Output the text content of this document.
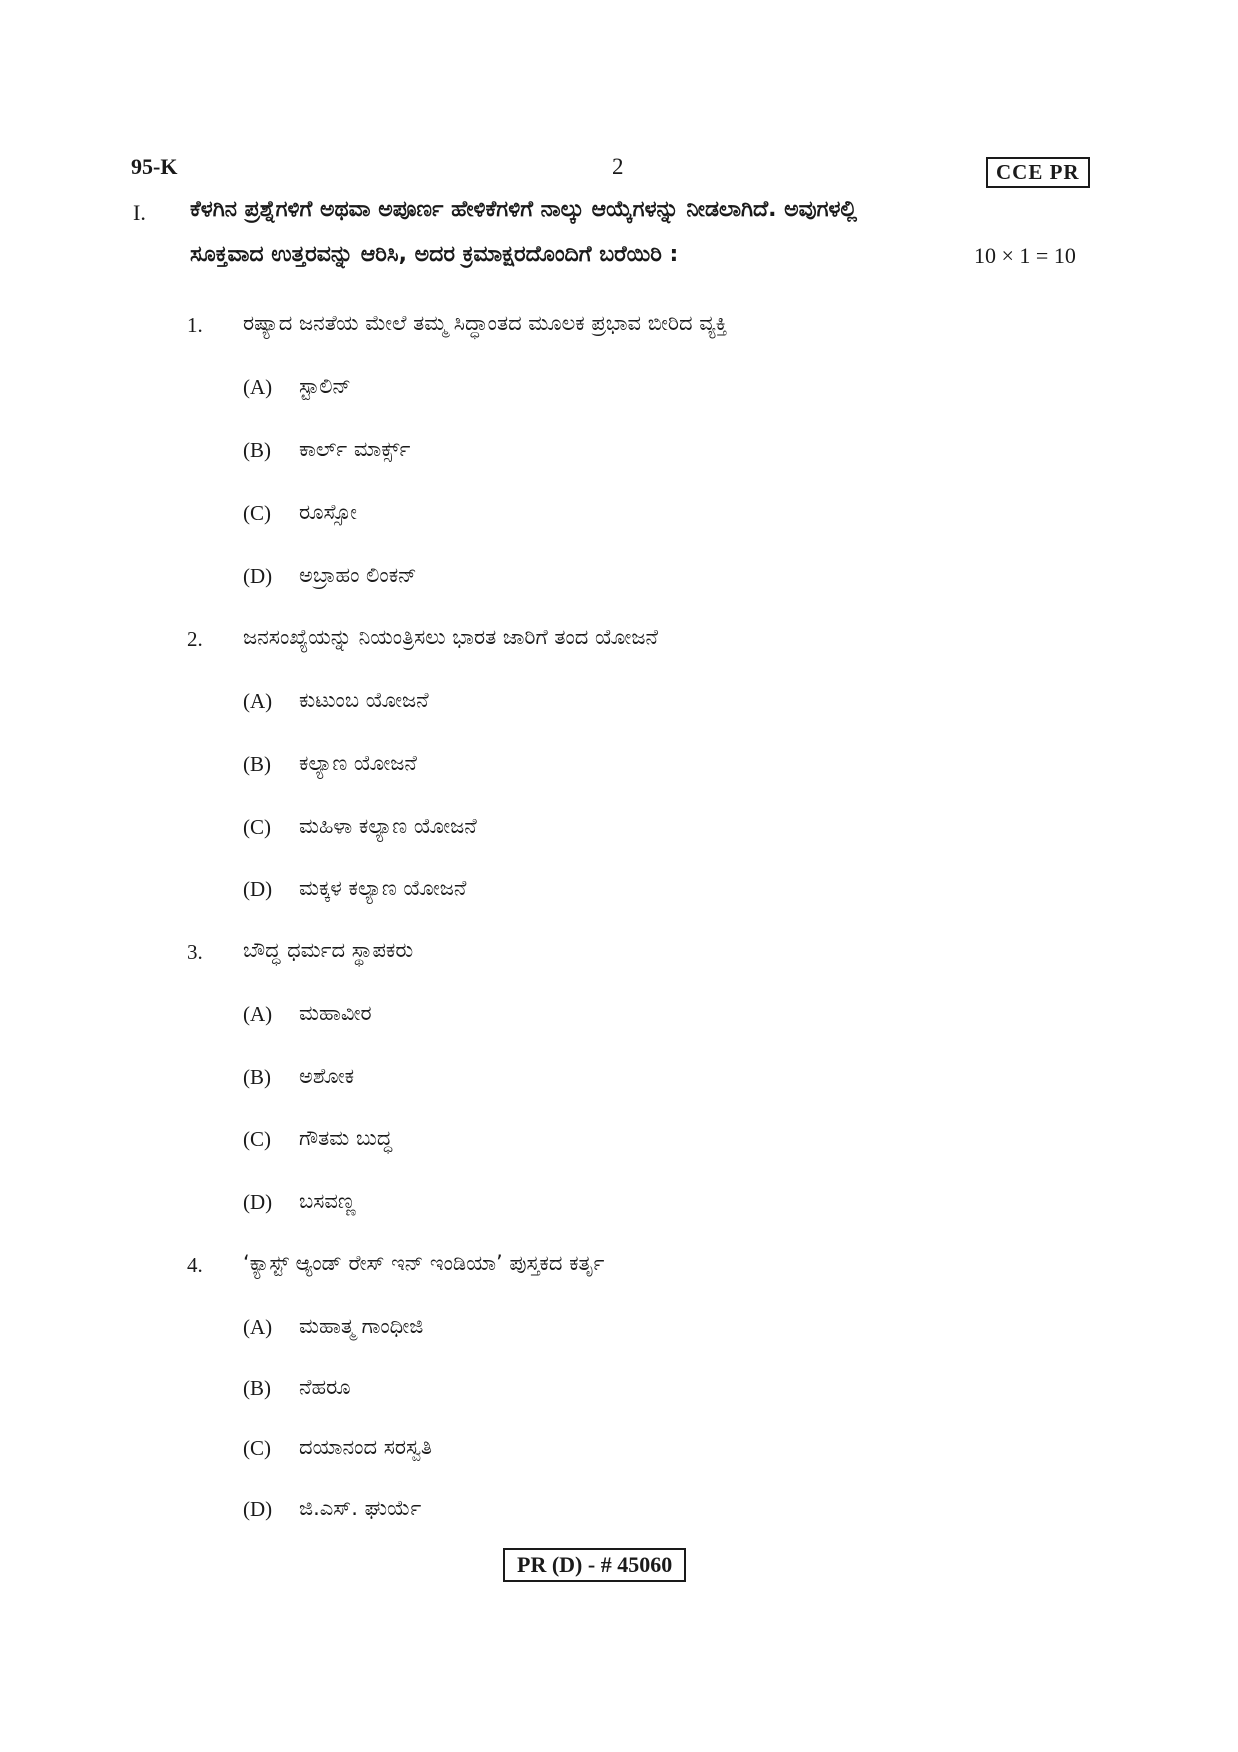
95-K	2	CCE PR
I. ಕೆಳಗಿನ ಪ್ರಶ್ನೆಗಳಿಗೆ ಅಥವಾ ಅಪೂರ್ಣ ಹೇಳಿಕೆಗಳಿಗೆ ನಾಲ್ಕು ಆಯ್ಕೆಗಳನ್ನು ನೀಡಲಾಗಿದೆ. ಅವುಗಳಲ್ಲಿ
ಸೂಕ್ತವಾದ ಉತ್ತರವನ್ನು ಆರಿಸಿ, ಅದರ ಕ್ರಮಾಕ್ಷರದೊಂದಿಗೆ ಬರೆಯಿರಿ :	10 × 1 = 10
1. ರಷ್ಯಾದ ಜನತೆಯ ಮೇಲೆ ತಮ್ಮ ಸಿದ್ಧಾಂತದ ಮೂಲಕ ಪ್ರಭಾವ ಬೀರಿದ ವ್ಯಕ್ತಿ
(A) ಸ್ಟಾಲಿನ್
(B) ಕಾರ್ಲ್ ಮಾರ್ಕ್ಸ್
(C) ರೂಸ್ಸೋ
(D) ಅಬ್ರಾಹಂ ಲಿಂಕನ್
2. ಜನಸಂಖ್ಯೆಯನ್ನು ನಿಯಂತ್ರಿಸಲು ಭಾರತ ಜಾರಿಗೆ ತಂದ ಯೋಜನೆ
(A) ಕುಟುಂಬ ಯೋಜನೆ
(B) ಕಲ್ಯಾಣ ಯೋಜನೆ
(C) ಮಹಿಳಾ ಕಲ್ಯಾಣ ಯೋಜನೆ
(D) ಮಕ್ಕಳ ಕಲ್ಯಾಣ ಯೋಜನೆ
3. ಬೌದ್ಧ ಧರ್ಮದ ಸ್ಥಾಪಕರು
(A) ಮಹಾವೀರ
(B) ಅಶೋಕ
(C) ಗೌತಮ ಬುದ್ಧ
(D) ಬಸವಣ್ಣ
4. ‘ಕ್ಯಾಸ್ಟ್ ಆ್ಯಂಡ್ ರೇಸ್ ಇನ್ ಇಂಡಿಯಾ’ ಪುಸ್ತಕದ ಕರ್ತೃ
(A) ಮಹಾತ್ಮ ಗಾಂಧೀಜಿ
(B) ನೆಹರೂ
(C) ದಯಾನಂದ ಸರಸ್ವತಿ
(D) ಜಿ.ಎಸ್. ಘುರ್ಯೆ
PR (D) - # 45060
